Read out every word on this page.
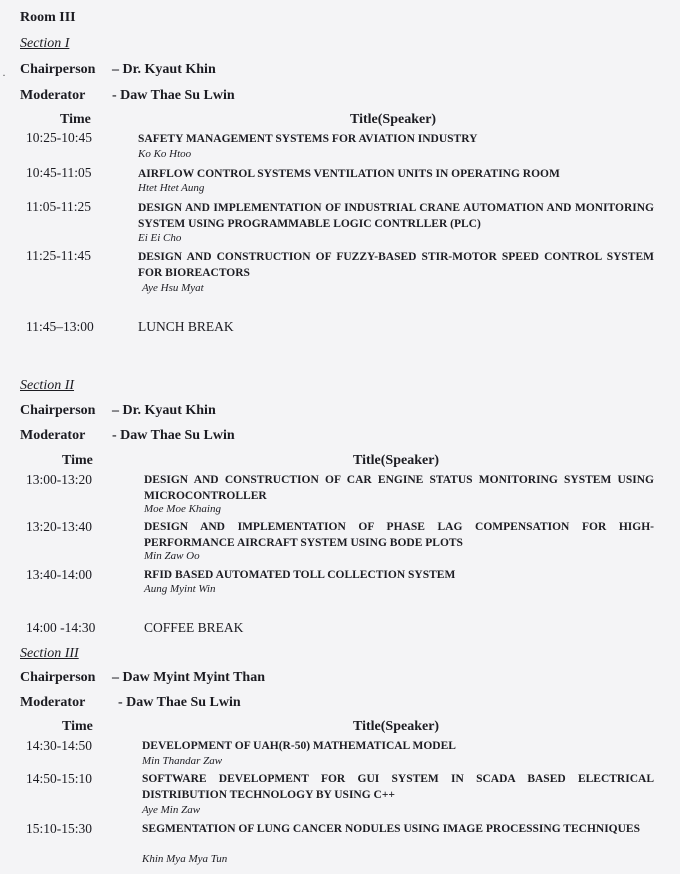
·
Room III
Section I
Chairperson – Dr. Kyaut Khin
Moderator - Daw Thae Su Lwin
Time	Title(Speaker)
10:25-10:45	SAFETY MANAGEMENT SYSTEMS FOR AVIATION INDUSTRY
Ko Ko Htoo
10:45-11:05	AIRFLOW CONTROL SYSTEMS VENTILATION UNITS IN OPERATING ROOM
Htet Htet Aung
11:05-11:25	DESIGN AND IMPLEMENTATION OF INDUSTRIAL CRANE AUTOMATION AND MONITORING SYSTEM USING PROGRAMMABLE LOGIC CONTRLLER (PLC)
Ei Ei Cho
11:25-11:45	DESIGN AND CONSTRUCTION OF FUZZY-BASED STIR-MOTOR SPEED CONTROL SYSTEM FOR BIOREACTORS
Aye Hsu Myat
11:45–13:00	LUNCH BREAK
Section II
Chairperson – Dr. Kyaut Khin
Moderator - Daw Thae Su Lwin
Time	Title(Speaker)
13:00-13:20	DESIGN AND CONSTRUCTION OF CAR ENGINE STATUS MONITORING SYSTEM USING MICROCONTROLLER
Moe Moe Khaing
13:20-13:40	DESIGN AND IMPLEMENTATION OF PHASE LAG COMPENSATION FOR HIGH-PERFORMANCE AIRCRAFT SYSTEM USING BODE PLOTS
Min Zaw Oo
13:40-14:00	RFID BASED AUTOMATED TOLL COLLECTION SYSTEM
Aung Myint Win
14:00 -14:30	COFFEE BREAK
Section III
Chairperson – Daw Myint Myint Than
Moderator - Daw Thae Su Lwin
Time	Title(Speaker)
14:30-14:50	DEVELOPMENT OF UAH(R-50) MATHEMATICAL MODEL
Min Thandar Zaw
14:50-15:10	SOFTWARE DEVELOPMENT FOR GUI SYSTEM IN SCADA BASED ELECTRICAL DISTRIBUTION TECHNOLOGY BY USING C++
Aye Min Zaw
15:10-15:30	SEGMENTATION OF LUNG CANCER NODULES USING IMAGE PROCESSING TECHNIQUES
Khin Mya Mya Tun
